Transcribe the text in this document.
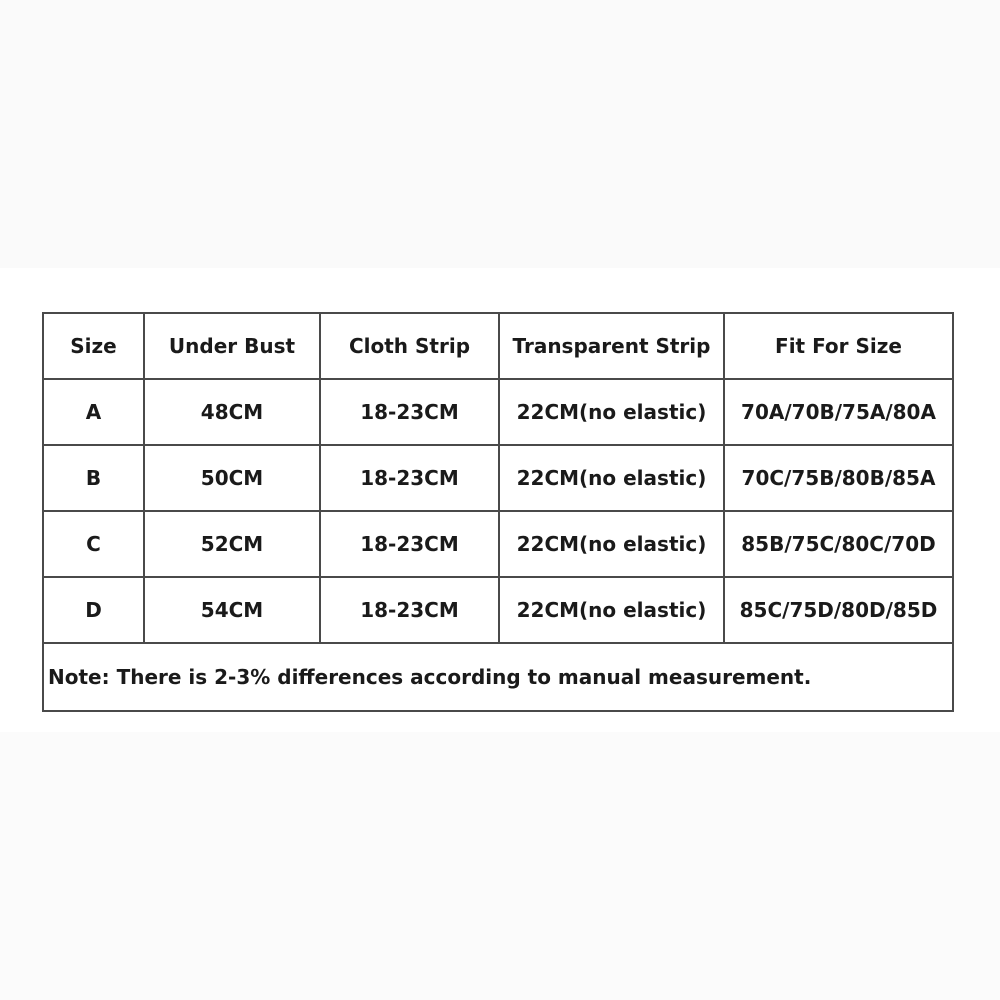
Size	Under Bust	Cloth Strip	Transparent Strip	Fit For Size
A	48CM	18-23CM	22CM(no elastic)	70A/70B/75A/80A
B	50CM	18-23CM	22CM(no elastic)	70C/75B/80B/85A
C	52CM	18-23CM	22CM(no elastic)	85B/75C/80C/70D
D	54CM	18-23CM	22CM(no elastic)	85C/75D/80D/85D
Note: There is 2-3% differences according to manual measurement.				
